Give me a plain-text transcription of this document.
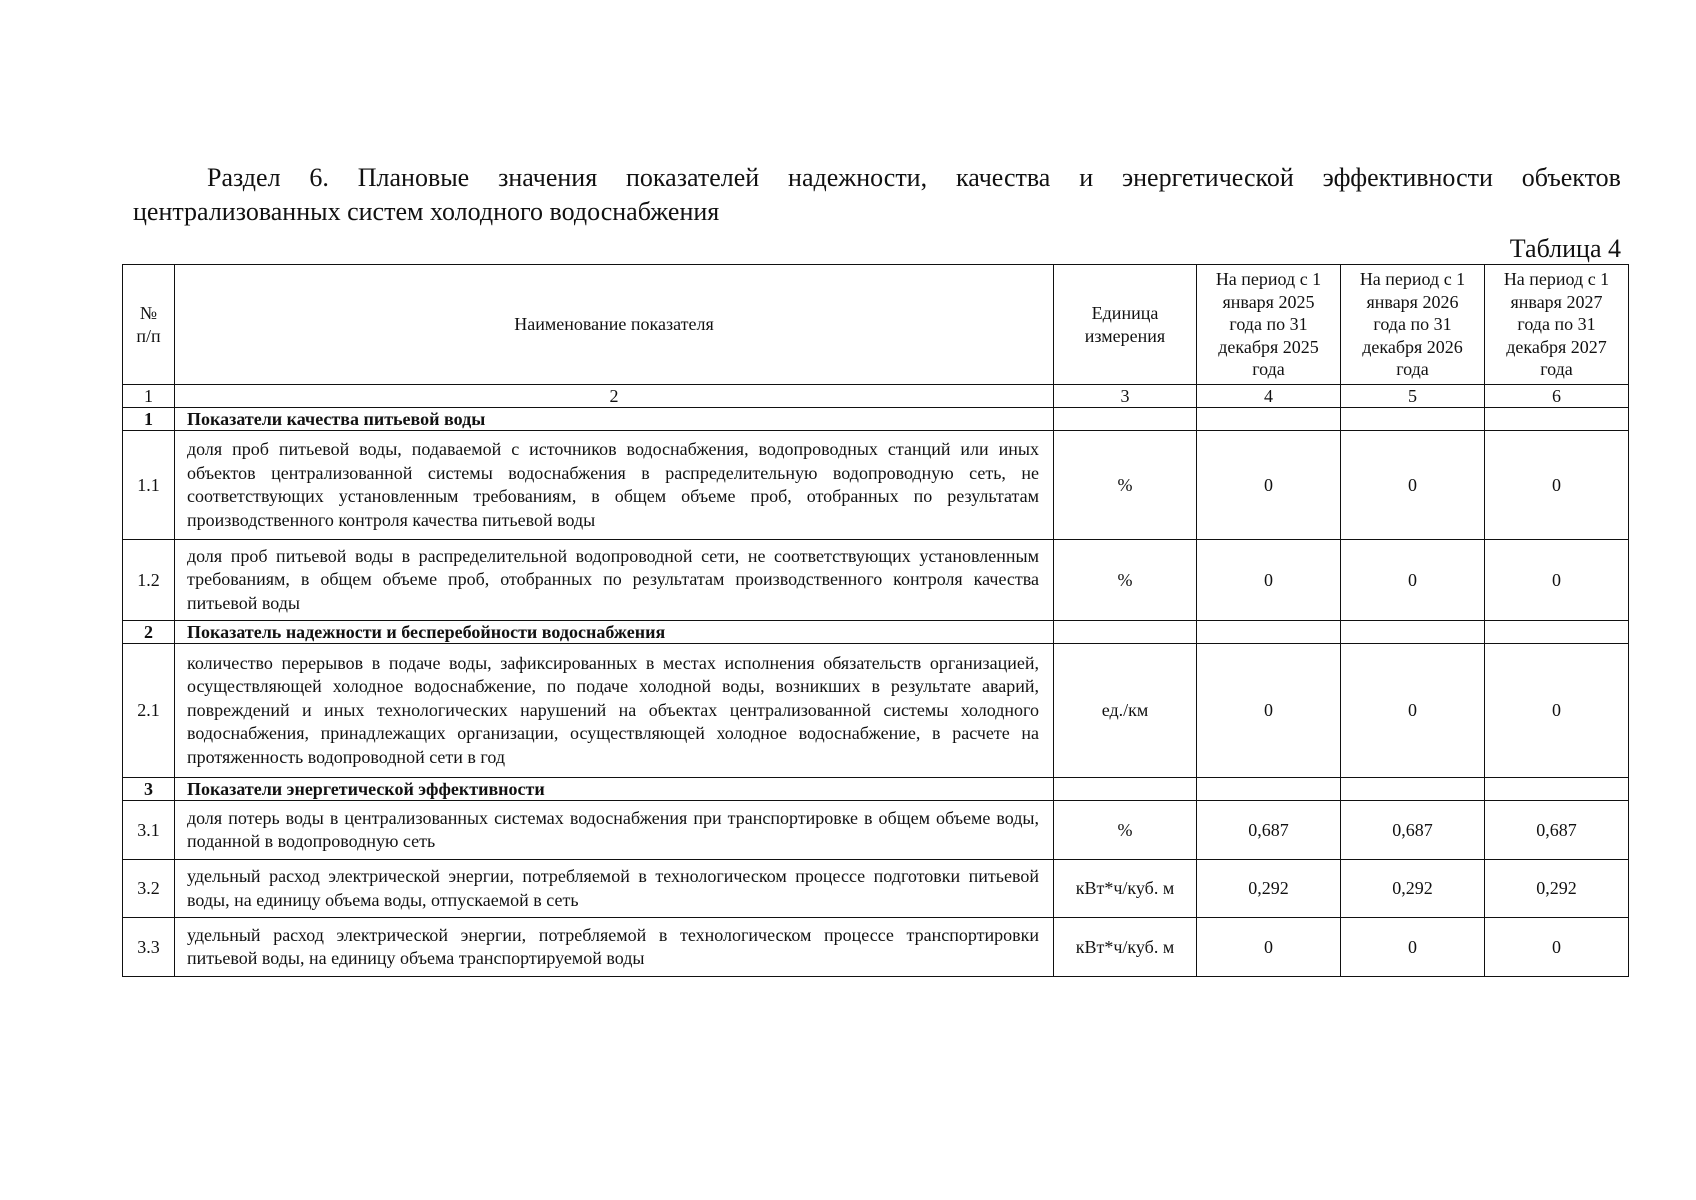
Раздел 6. Плановые значения показателей надежности, качества и энергетической эффективности объектов
централизованных систем холодного водоснабжения
Таблица 4
№ п/п	Наименование показателя	Единица измерения	На период с 1 января 2025 года по 31 декабря 2025 года	На период с 1 января 2026 года по 31 декабря 2026 года	На период с 1 января 2027 года по 31 декабря 2027 года
1	2	3	4	5	6
1	Показатели качества питьевой воды				
1.1	доля проб питьевой воды, подаваемой с источников водоснабжения, водопроводных станций или иных объектов централизованной системы водоснабжения в распределительную водопроводную сеть, не соответствующих установленным требованиям, в общем объеме проб, отобранных по результатам производственного контроля качества питьевой воды	%	0	0	0
1.2	доля проб питьевой воды в распределительной водопроводной сети, не соответствующих установленным требованиям, в общем объеме проб, отобранных по результатам производственного контроля качества питьевой воды	%	0	0	0
2	Показатель надежности и бесперебойности водоснабжения				
2.1	количество перерывов в подаче воды, зафиксированных в местах исполнения обязательств организацией, осуществляющей холодное водоснабжение, по подаче холодной воды, возникших в результате аварий, повреждений и иных технологических нарушений на объектах централизованной системы холодного водоснабжения, принадлежащих организации, осуществляющей холодное водоснабжение, в расчете на протяженность водопроводной сети в год	ед./км	0	0	0
3	Показатели энергетической эффективности				
3.1	доля потерь воды в централизованных системах водоснабжения при транспортировке в общем объеме воды, поданной в водопроводную сеть	%	0,687	0,687	0,687
3.2	удельный расход электрической энергии, потребляемой в технологическом процессе подготовки питьевой воды, на единицу объема воды, отпускаемой в сеть	кВт*ч/куб. м	0,292	0,292	0,292
3.3	удельный расход электрической энергии, потребляемой в технологическом процессе транспортировки питьевой воды, на единицу объема транспортируемой воды	кВт*ч/куб. м	0	0	0
